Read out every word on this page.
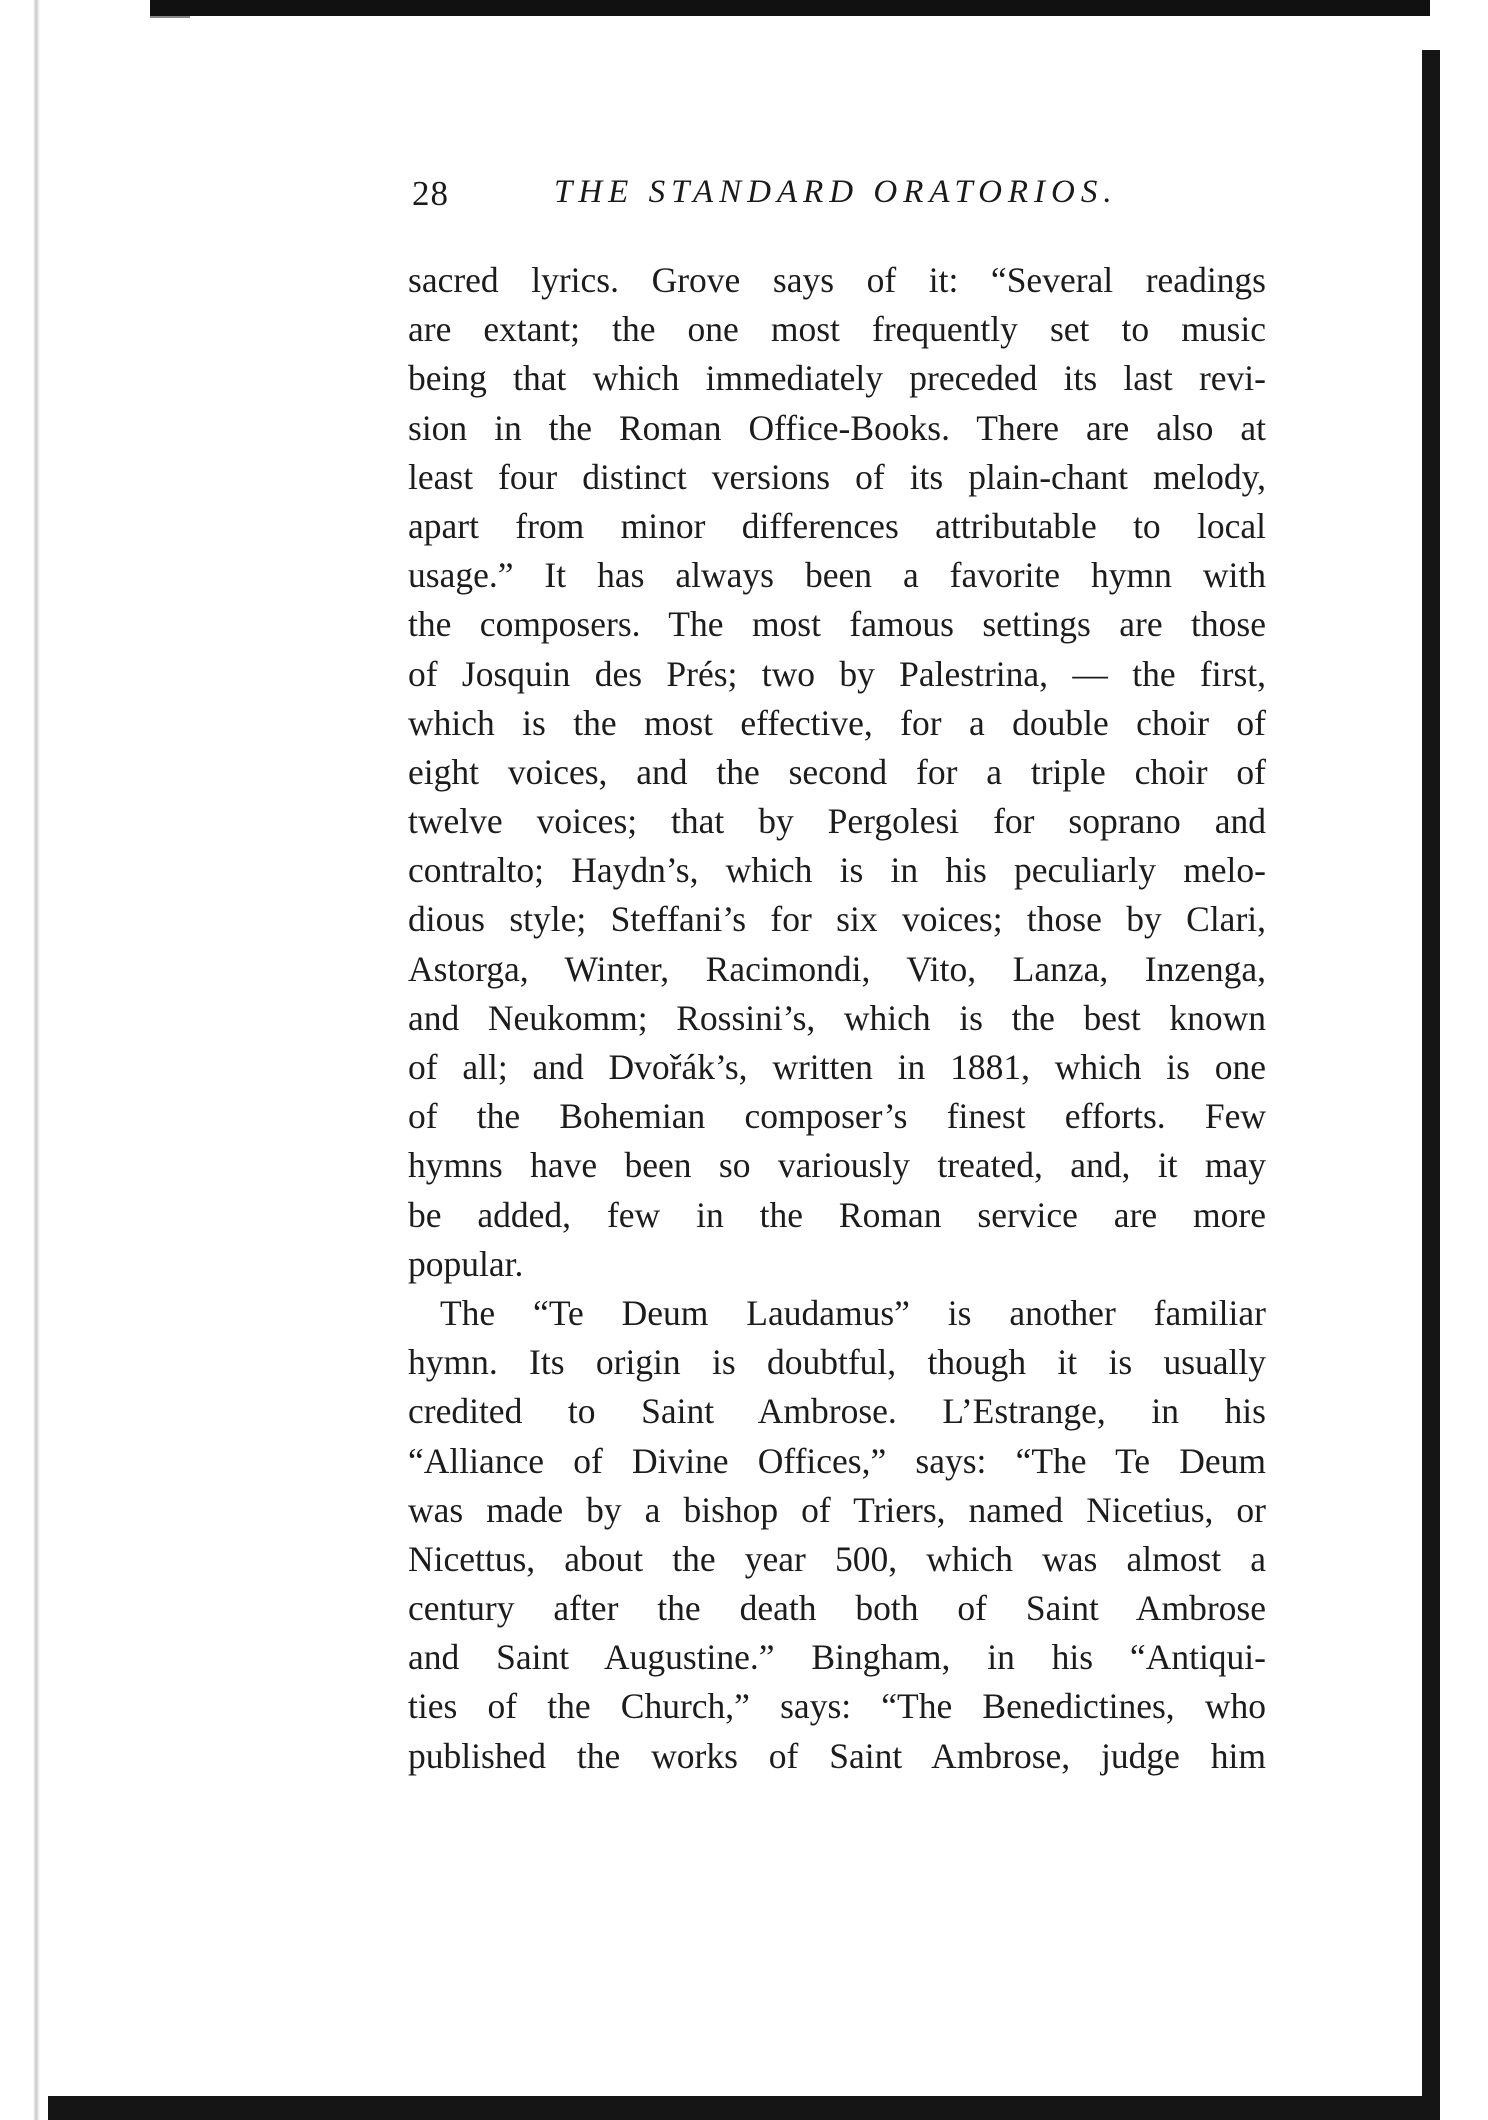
28	THE STANDARD ORATORIOS.
sacred lyrics. Grove says of it: “Several readings
are extant; the one most frequently set to music
being that which immediately preceded its last revi-
sion in the Roman Office-Books. There are also at
least four distinct versions of its plain-chant melody,
apart from minor differences attributable to local
usage.” It has always been a favorite hymn with
the composers. The most famous settings are those
of Josquin des Prés; two by Palestrina, — the first,
which is the most effective, for a double choir of
eight voices, and the second for a triple choir of
twelve voices; that by Pergolesi for soprano and
contralto; Haydn’s, which is in his peculiarly melo-
dious style; Steffani’s for six voices; those by Clari,
Astorga, Winter, Racimondi, Vito, Lanza, Inzenga,
and Neukomm; Rossini’s, which is the best known
of all; and Dvořák’s, written in 1881, which is one
of the Bohemian composer’s finest efforts. Few
hymns have been so variously treated, and, it may
be added, few in the Roman service are more
popular.
The “Te Deum Laudamus” is another familiar
hymn. Its origin is doubtful, though it is usually
credited to Saint Ambrose. L’Estrange, in his
“Alliance of Divine Offices,” says: “The Te Deum
was made by a bishop of Triers, named Nicetius, or
Nicettus, about the year 500, which was almost a
century after the death both of Saint Ambrose
and Saint Augustine.” Bingham, in his “Antiqui-
ties of the Church,” says: “The Benedictines, who
published the works of Saint Ambrose, judge him
